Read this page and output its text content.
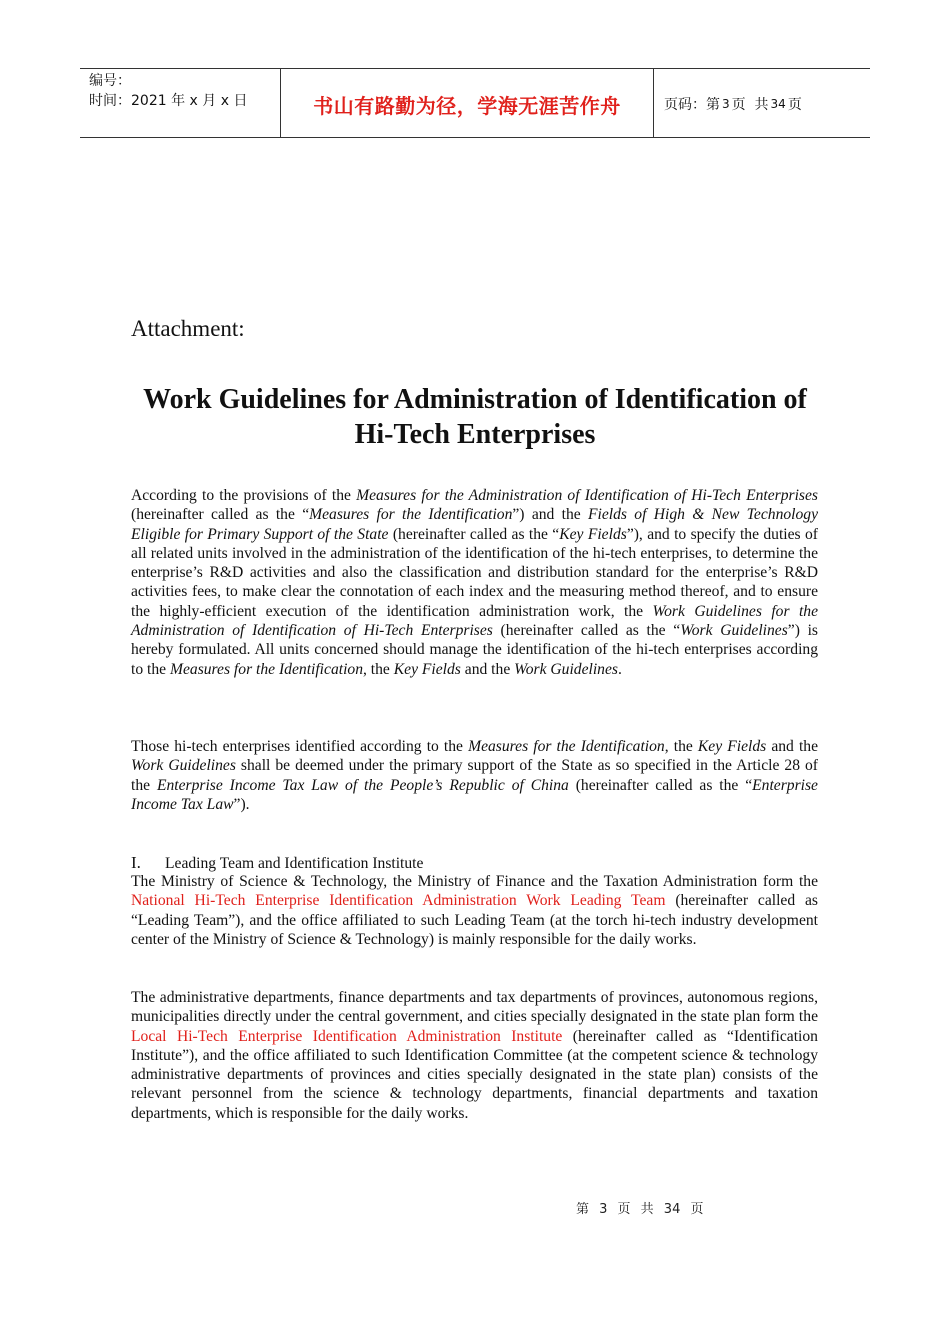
编号：
时间：2021 年 x 月 x 日	书山有路勤为径，学海无涯苦作舟	页码：第 3 页  共 34 页
Attachment:
Work Guidelines for Administration of Identification of
Hi-Tech Enterprises
According to the provisions of the Measures for the Administration of Identification of Hi-Tech Enterprises (hereinafter called as the “Measures for the Identification”) and the Fields of High & New Technology Eligible for Primary Support of the State (hereinafter called as the “Key Fields”), and to specify the duties of all related units involved in the administration of the identification of the hi-tech enterprises, to determine the enterprise’s R&D activities and also the classification and distribution standard for the enterprise’s R&D activities fees, to make clear the connotation of each index and the measuring method thereof, and to ensure the highly-efficient execution of the identification administration work, the Work Guidelines for the Administration of Identification of Hi-Tech Enterprises (hereinafter called as the “Work Guidelines”) is hereby formulated. All units concerned should manage the identification of the hi-tech enterprises according to the Measures for the Identification, the Key Fields and the Work Guidelines.
Those hi-tech enterprises identified according to the Measures for the Identification, the Key Fields and the Work Guidelines shall be deemed under the primary support of the State as so specified in the Article 28 of the Enterprise Income Tax Law of the People’s Republic of China (hereinafter called as the “Enterprise Income Tax Law”).
I. Leading Team and Identification Institute
The Ministry of Science & Technology, the Ministry of Finance and the Taxation Administration form the National Hi-Tech Enterprise Identification Administration Work Leading Team (hereinafter called as “Leading Team”), and the office affiliated to such Leading Team (at the torch hi-tech industry development center of the Ministry of Science & Technology) is mainly responsible for the daily works.
The administrative departments, finance departments and tax departments of provinces, autonomous regions, municipalities directly under the central government, and cities specially designated in the state plan form the Local Hi-Tech Enterprise Identification Administration Institute (hereinafter called as “Identification Institute”), and the office affiliated to such Identification Committee (at the competent science & technology administrative departments of provinces and cities specially designated in the state plan) consists of the relevant personnel from the science & technology departments, financial departments and taxation departments, which is responsible for the daily works.
第 3 页 共 34 页
